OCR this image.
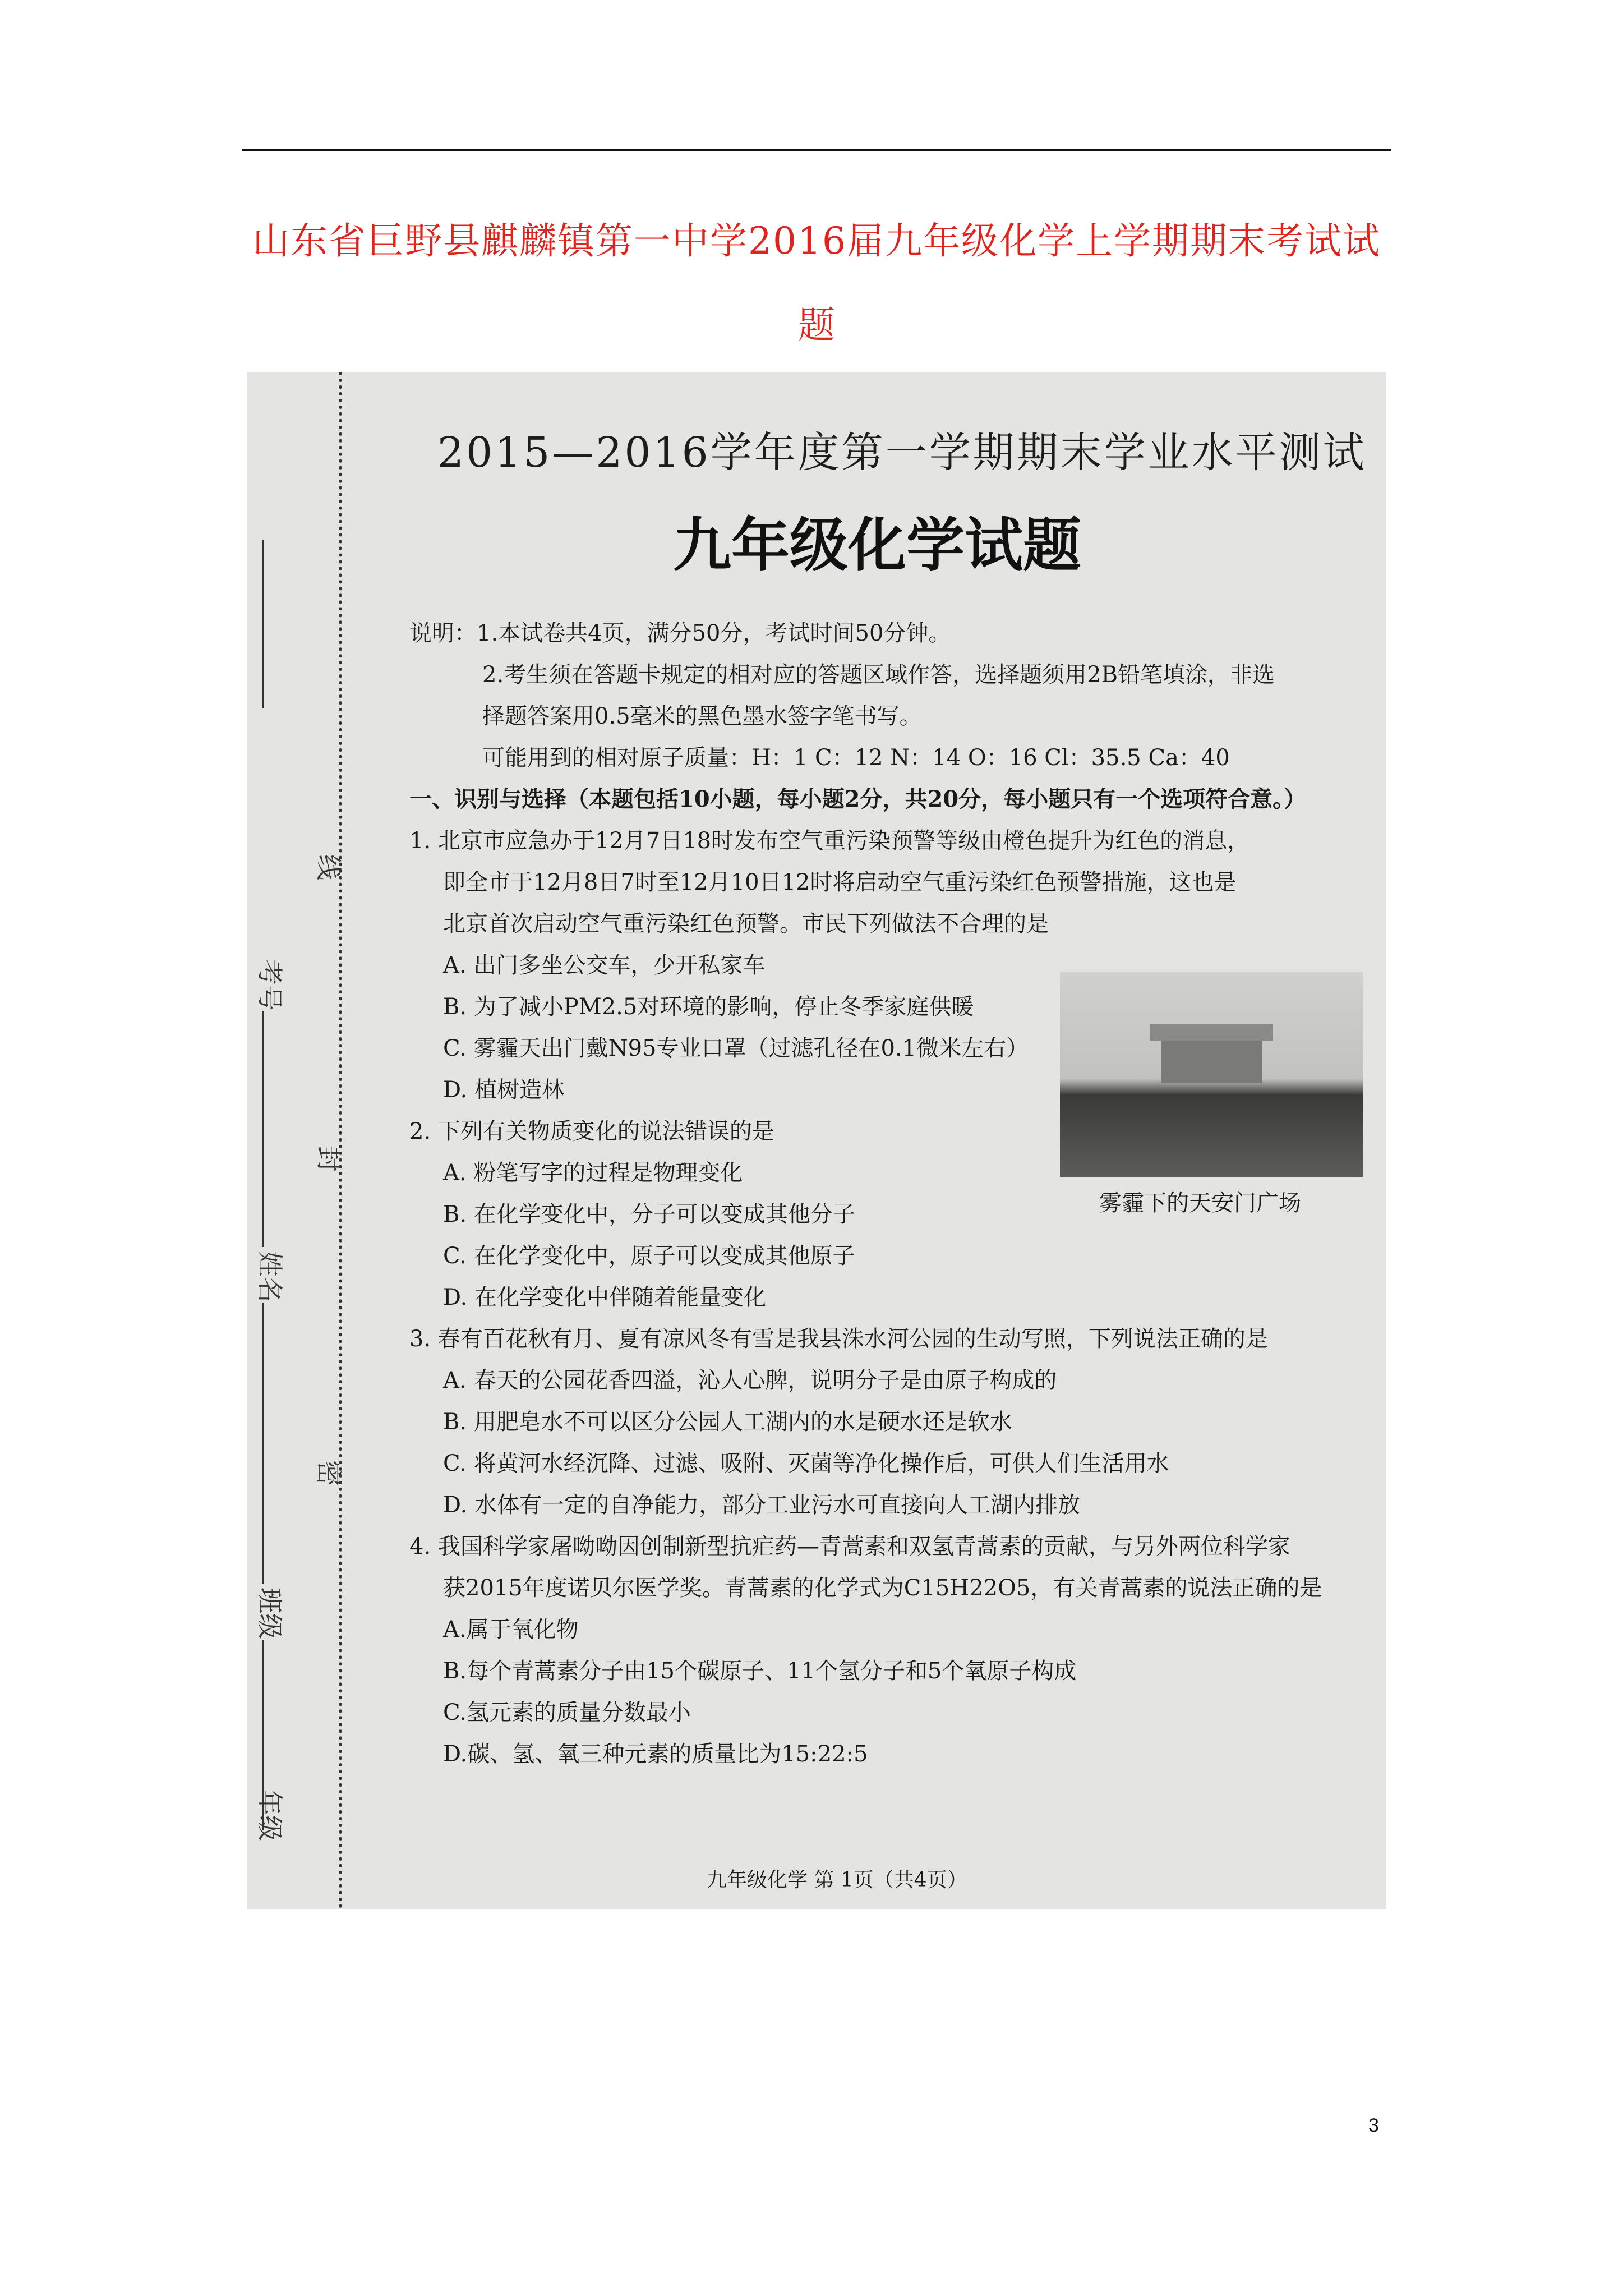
山东省巨野县麒麟镇第一中学2016届九年级化学上学期期末考试试
题
考号
姓名
班级
年级
线
封
密
2015—2016学年度第一学期期末学业水平测试
九年级化学试题
说明：1.本试卷共4页，满分50分，考试时间50分钟。
2.考生须在答题卡规定的相对应的答题区域作答，选择题须用2B铅笔填涂，非选
择题答案用0.5毫米的黑色墨水签字笔书写。
可能用到的相对原子质量：H：1 C：12 N：14 O：16 Cl：35.5 Ca：40
一、识别与选择（本题包括10小题，每小题2分，共20分，每小题只有一个选项符合意。）
1. 北京市应急办于12月7日18时发布空气重污染预警等级由橙色提升为红色的消息，
即全市于12月8日7时至12月10日12时将启动空气重污染红色预警措施，这也是
北京首次启动空气重污染红色预警。市民下列做法不合理的是
A. 出门多坐公交车，少开私家车
B. 为了减小PM2.5对环境的影响，停止冬季家庭供暖
C. 雾霾天出门戴N95专业口罩（过滤孔径在0.1微米左右）
D. 植树造林
雾霾下的天安门广场
2. 下列有关物质变化的说法错误的是
A. 粉笔写字的过程是物理变化
B. 在化学变化中，分子可以变成其他分子
C. 在化学变化中，原子可以变成其他原子
D. 在化学变化中伴随着能量变化
3. 春有百花秋有月、夏有凉风冬有雪是我县洙水河公园的生动写照，下列说法正确的是
A. 春天的公园花香四溢，沁人心脾，说明分子是由原子构成的
B. 用肥皂水不可以区分公园人工湖内的水是硬水还是软水
C. 将黄河水经沉降、过滤、吸附、灭菌等净化操作后，可供人们生活用水
D. 水体有一定的自净能力，部分工业污水可直接向人工湖内排放
4. 我国科学家屠呦呦因创制新型抗疟药—青蒿素和双氢青蒿素的贡献，与另外两位科学家
获2015年度诺贝尔医学奖。青蒿素的化学式为C15H22O5，有关青蒿素的说法正确的是
A.属于氧化物
B.每个青蒿素分子由15个碳原子、11个氢分子和5个氧原子构成
C.氢元素的质量分数最小
D.碳、氢、氧三种元素的质量比为15:22:5
九年级化学 第 1页（共4页）
3
